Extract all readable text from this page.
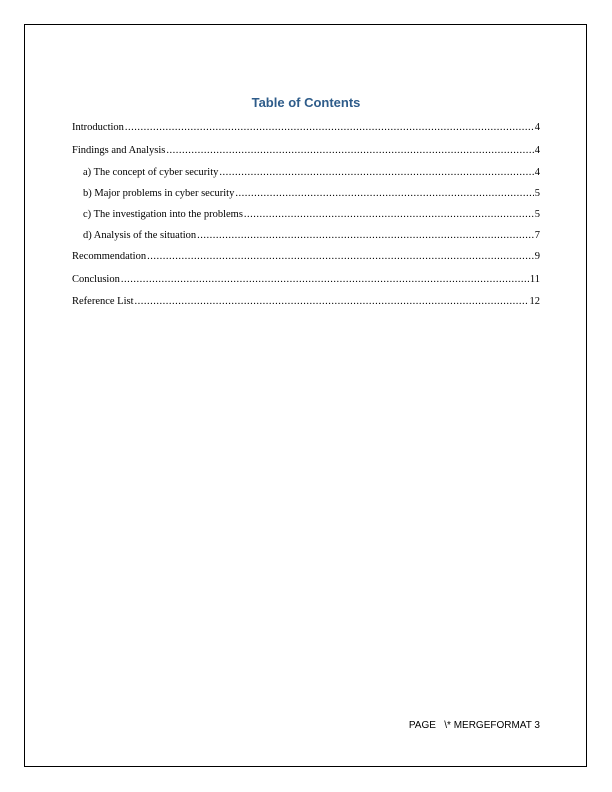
Table of Contents
Introduction .....	4
Findings and Analysis .....	4
a) The concept of cyber security .....	4
b) Major problems in cyber security .....	5
c) The investigation into the problems .....	5
d) Analysis of the situation .....	7
Recommendation .....	9
Conclusion .....	11
Reference List .....	12
PAGE   \* MERGEFORMAT 3
